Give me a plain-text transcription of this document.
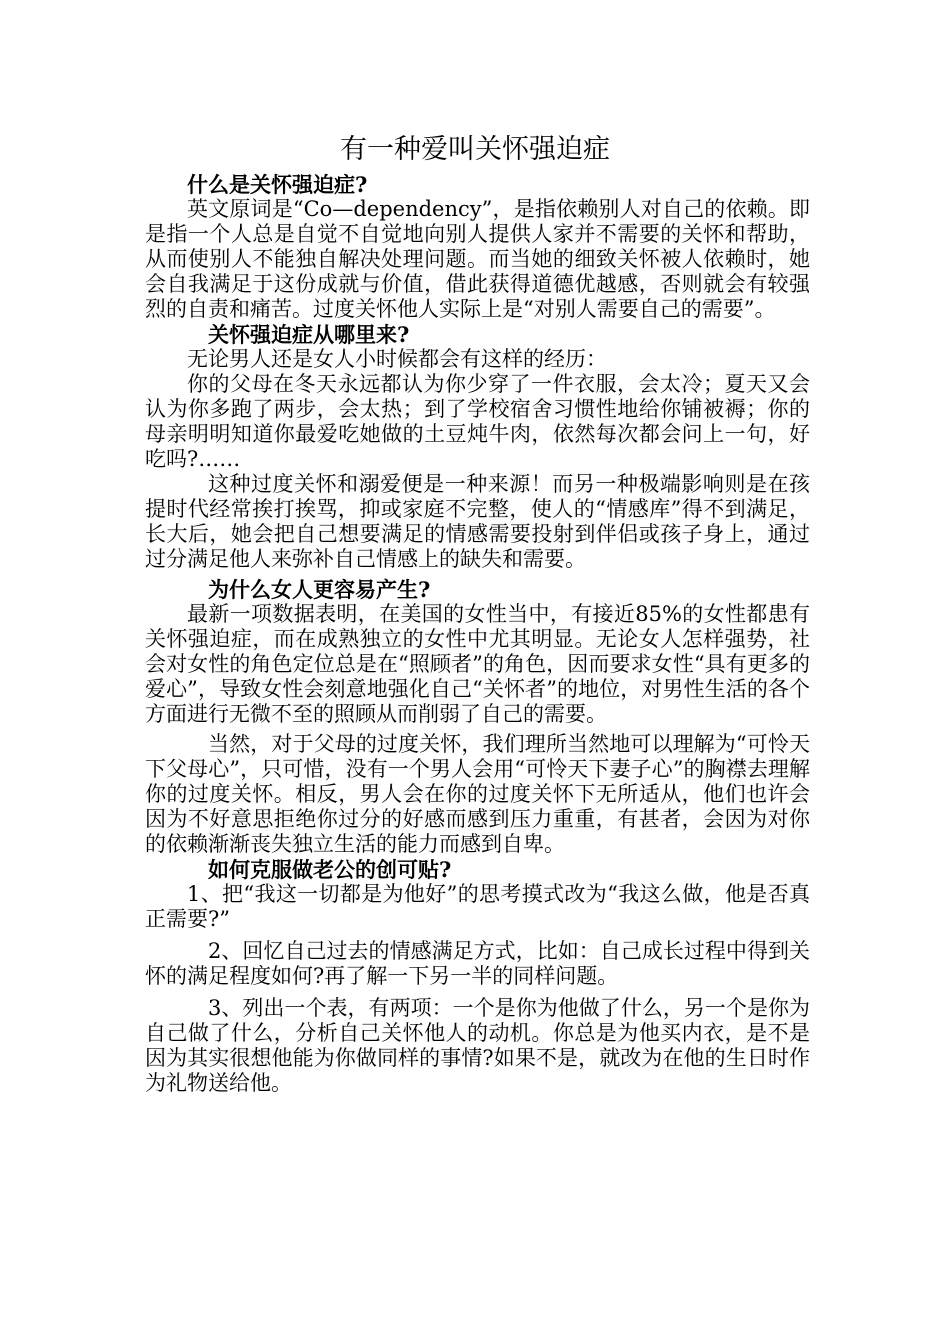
有一种爱叫关怀强迫症

什么是关怀强迫症?

英文原词是“Co—dependency”，是指依赖别人对自己的依赖。即是指一个人总是自觉不自觉地向别人提供人家并不需要的关怀和帮助，从而使别人不能独自解决处理问题。而当她的细致关怀被人依赖时，她会自我满足于这份成就与价值，借此获得道德优越感，否则就会有较强烈的自责和痛苦。过度关怀他人实际上是“对别人需要自己的需要”。

关怀强迫症从哪里来?

无论男人还是女人小时候都会有这样的经历：

你的父母在冬天永远都认为你少穿了一件衣服，会太冷；夏天又会认为你多跑了两步，会太热；到了学校宿舍习惯性地给你铺被褥；你的母亲明明知道你最爱吃她做的土豆炖牛肉，依然每次都会问上一句，好吃吗?……

这种过度关怀和溺爱便是一种来源！而另一种极端影响则是在孩提时代经常挨打挨骂，抑或家庭不完整，使人的“情感库”得不到满足，长大后，她会把自己想要满足的情感需要投射到伴侣或孩子身上，通过过分满足他人来弥补自己情感上的缺失和需要。

为什么女人更容易产生?

最新一项数据表明，在美国的女性当中，有接近85%的女性都患有关怀强迫症，而在成熟独立的女性中尤其明显。无论女人怎样强势，社会对女性的角色定位总是在“照顾者”的角色，因而要求女性“具有更多的爱心”，导致女性会刻意地强化自己“关怀者”的地位，对男性生活的各个方面进行无微不至的照顾从而削弱了自己的需要。

当然，对于父母的过度关怀，我们理所当然地可以理解为“可怜天下父母心”，只可惜，没有一个男人会用“可怜天下妻子心”的胸襟去理解你的过度关怀。相反，男人会在你的过度关怀下无所适从，他们也许会因为不好意思拒绝你过分的好感而感到压力重重，有甚者，会因为对你的依赖渐渐丧失独立生活的能力而感到自卑。

如何克服做老公的创可贴?

1、把“我这一切都是为他好”的思考摸式改为“我这么做，他是否真正需要?”

2、回忆自己过去的情感满足方式，比如：自己成长过程中得到关怀的满足程度如何?再了解一下另一半的同样问题。

3、列出一个表，有两项：一个是你为他做了什么，另一个是你为自己做了什么，分析自己关怀他人的动机。你总是为他买内衣，是不是因为其实很想他能为你做同样的事情?如果不是，就改为在他的生日时作为礼物送给他。
